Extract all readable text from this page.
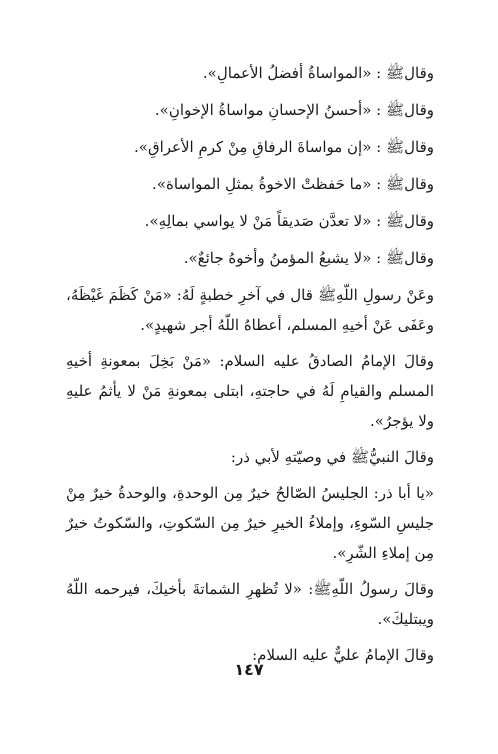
وقالﷺ : «المواساةُ أفضلُ الأعمالِ».

وقالﷺ : «أحسنُ الإحسانِ مواساةُ الإخوانِ».

وقالﷺ : «إن مواساةَ الرفاقِ مِنْ كرمِ الأعراقِ».

وقالﷺ : «ما حَفظتْ الاخوةُ بمثلِ المواساة».

وقالﷺ : «لا تعدَّن صَديقاً مَنْ لا يواسي بمالِهِ».

وقالﷺ : «لا يشبعُ المؤمنُ وأخوهُ جائعٌ».

وعَنْ رسولِ اللّهِﷺ قال في آخرِ خطبةٍ لَهُ: «مَنْ كَظَمَ غَيْظَهُ، وعَفَى عَنْ أخيهِ المسلم، أعطاهُ اللّهُ أجر شهيدٍ».

وقالَ الإمامُ الصادقُ عليه السلام: «مَنْ بَخِلَ بمعونةِ أخيهِ المسلم والقيامِ لَهُ في حاجتهِ، ابتلى بمعونةِ مَنْ لا يأثمُ عليهِ ولا يؤجرُ».

وقالَ النبيُّﷺ في وصيّتهِ لأبي ذر:

«يا أبا ذر: الجليسُ الصّالحُ خيرٌ مِن الوحدةِ، والوحدةُ خيرٌ مِنْ جليسِ السّوءِ، وإملاءُ الخيرِ خيرٌ مِن السّكوتِ، والسّكوتُ خيرٌ مِن إملاءِ الشّرِ».

وقالَ رسولُ اللّهِﷺ: «لا تُظهرِ الشماتةَ بأخيكَ، فيرحمه اللّهُ ويبتليكَ».

وقالَ الإمامُ عليٌّ عليه السلام:

١٤٧
